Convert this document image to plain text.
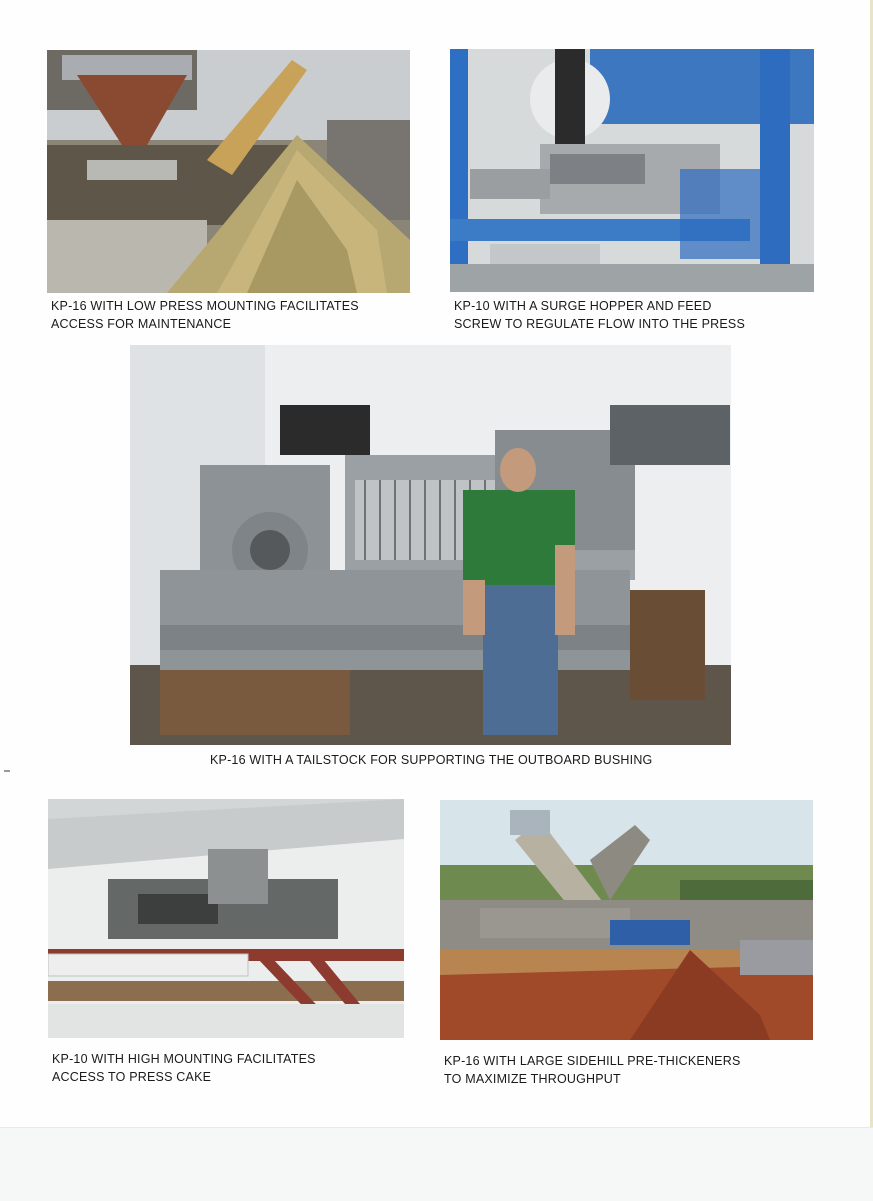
KP-16 WITH LOW PRESS MOUNTING FACILITATES
ACCESS FOR MAINTENANCE
KP-10 WITH A SURGE HOPPER AND FEED
SCREW TO REGULATE FLOW INTO THE PRESS
KP-16 WITH A TAILSTOCK FOR SUPPORTING THE OUTBOARD BUSHING
KP-10 WITH HIGH MOUNTING FACILITATES
ACCESS TO PRESS CAKE
KP-16 WITH LARGE SIDEHILL PRE-THICKENERS
TO MAXIMIZE THROUGHPUT
